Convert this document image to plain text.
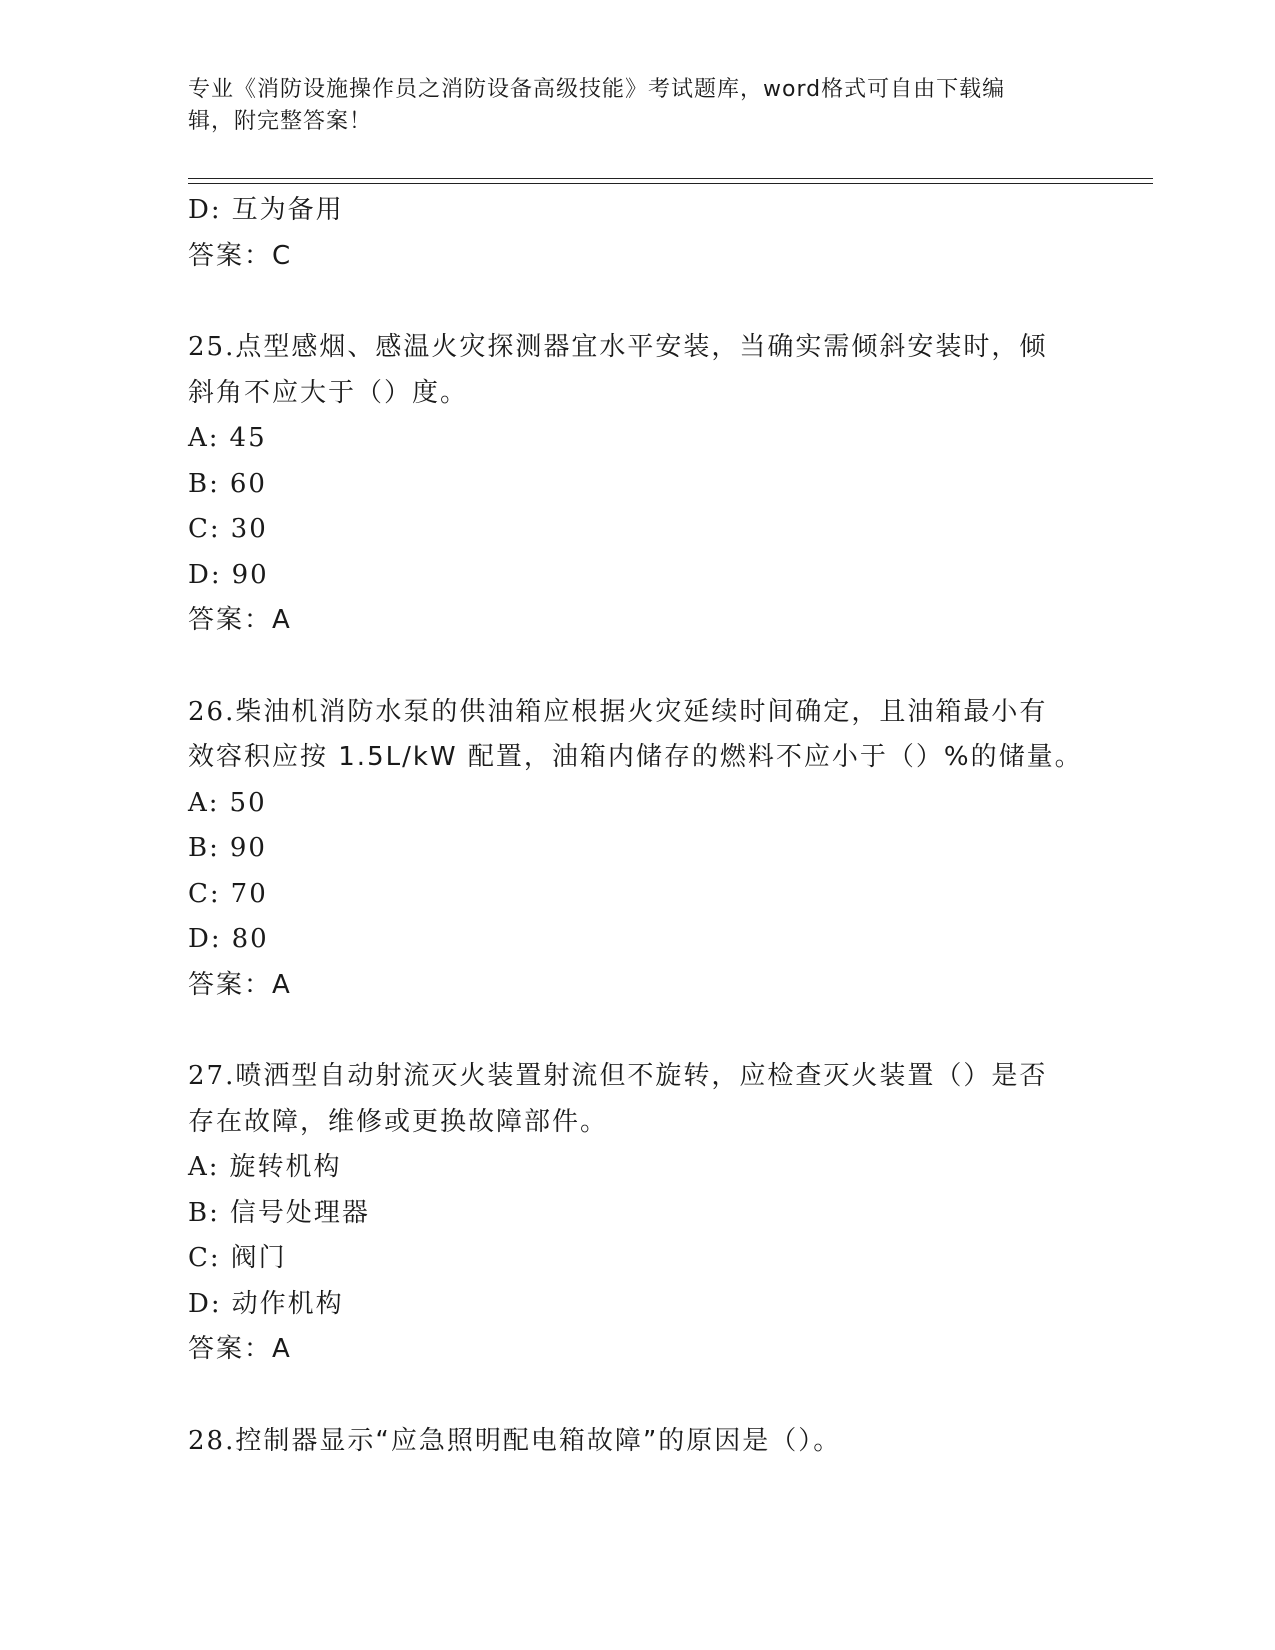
专业《消防设施操作员之消防设备高级技能》考试题库，word格式可自由下载编
辑，附完整答案！
D: 互为备用
答案：C
25.点型感烟、感温火灾探测器宜水平安装，当确实需倾斜安装时，倾
斜角不应大于（）度。
A: 45
B: 60
C: 30
D: 90
答案：A
26.柴油机消防水泵的供油箱应根据火灾延续时间确定，且油箱最小有
效容积应按 1.5L/kW 配置，油箱内储存的燃料不应小于（）%的储量。
A: 50
B: 90
C: 70
D: 80
答案：A
27.喷洒型自动射流灭火装置射流但不旋转，应检查灭火装置（）是否
存在故障，维修或更换故障部件。
A: 旋转机构
B: 信号处理器
C: 阀门
D: 动作机构
答案：A
28.控制器显示“应急照明配电箱故障”的原因是（）。
